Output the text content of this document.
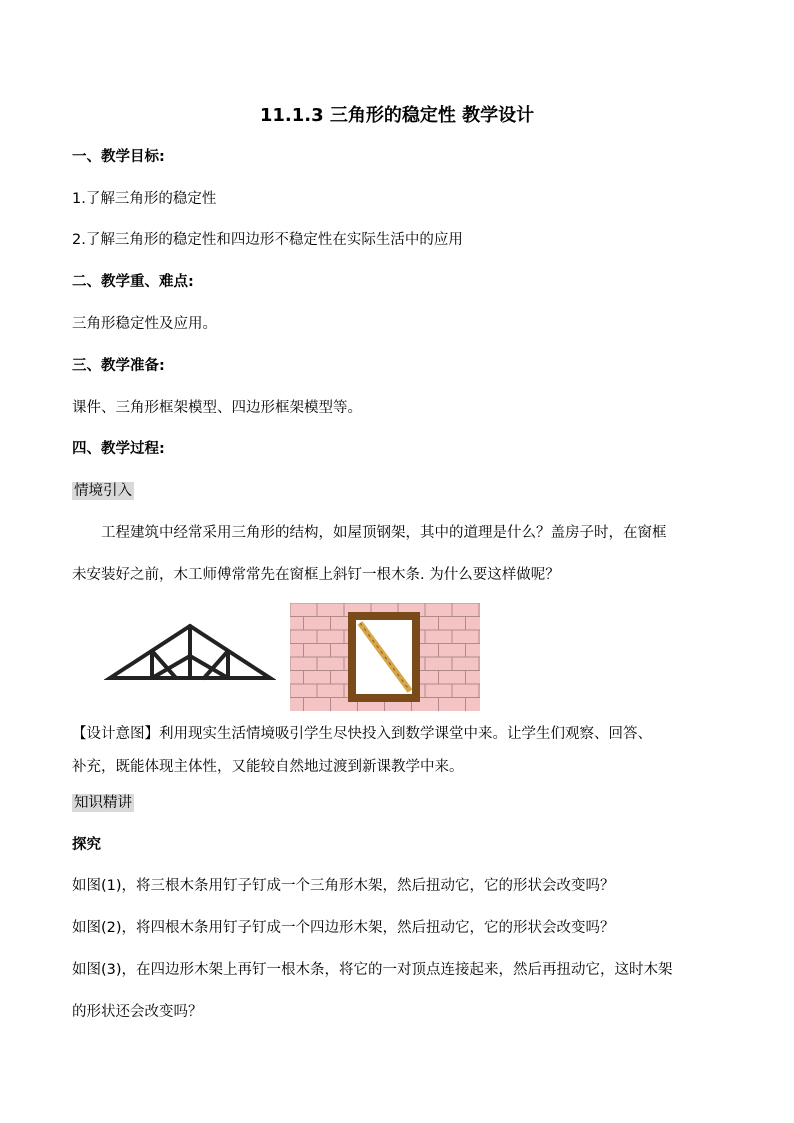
11.1.3 三角形的稳定性 教学设计
一、教学目标:
1.了解三角形的稳定性
2.了解三角形的稳定性和四边形不稳定性在实际生活中的应用
二、教学重、难点:
三角形稳定性及应用。
三、教学准备:
课件、三角形框架模型、四边形框架模型等。
四、教学过程:
情境引入
工程建筑中经常采用三角形的结构，如屋顶钢架，其中的道理是什么？盖房子时，在窗框
未安装好之前，木工师傅常常先在窗框上斜钉一根木条. 为什么要这样做呢？
【设计意图】利用现实生活情境吸引学生尽快投入到数学课堂中来。让学生们观察、回答、
补充，既能体现主体性，又能较自然地过渡到新课教学中来。
知识精讲
探究
如图(1)，将三根木条用钉子钉成一个三角形木架，然后扭动它，它的形状会改变吗？
如图(2)，将四根木条用钉子钉成一个四边形木架，然后扭动它，它的形状会改变吗？
如图(3)，在四边形木架上再钉一根木条，将它的一对顶点连接起来，然后再扭动它，这时木架
的形状还会改变吗？
